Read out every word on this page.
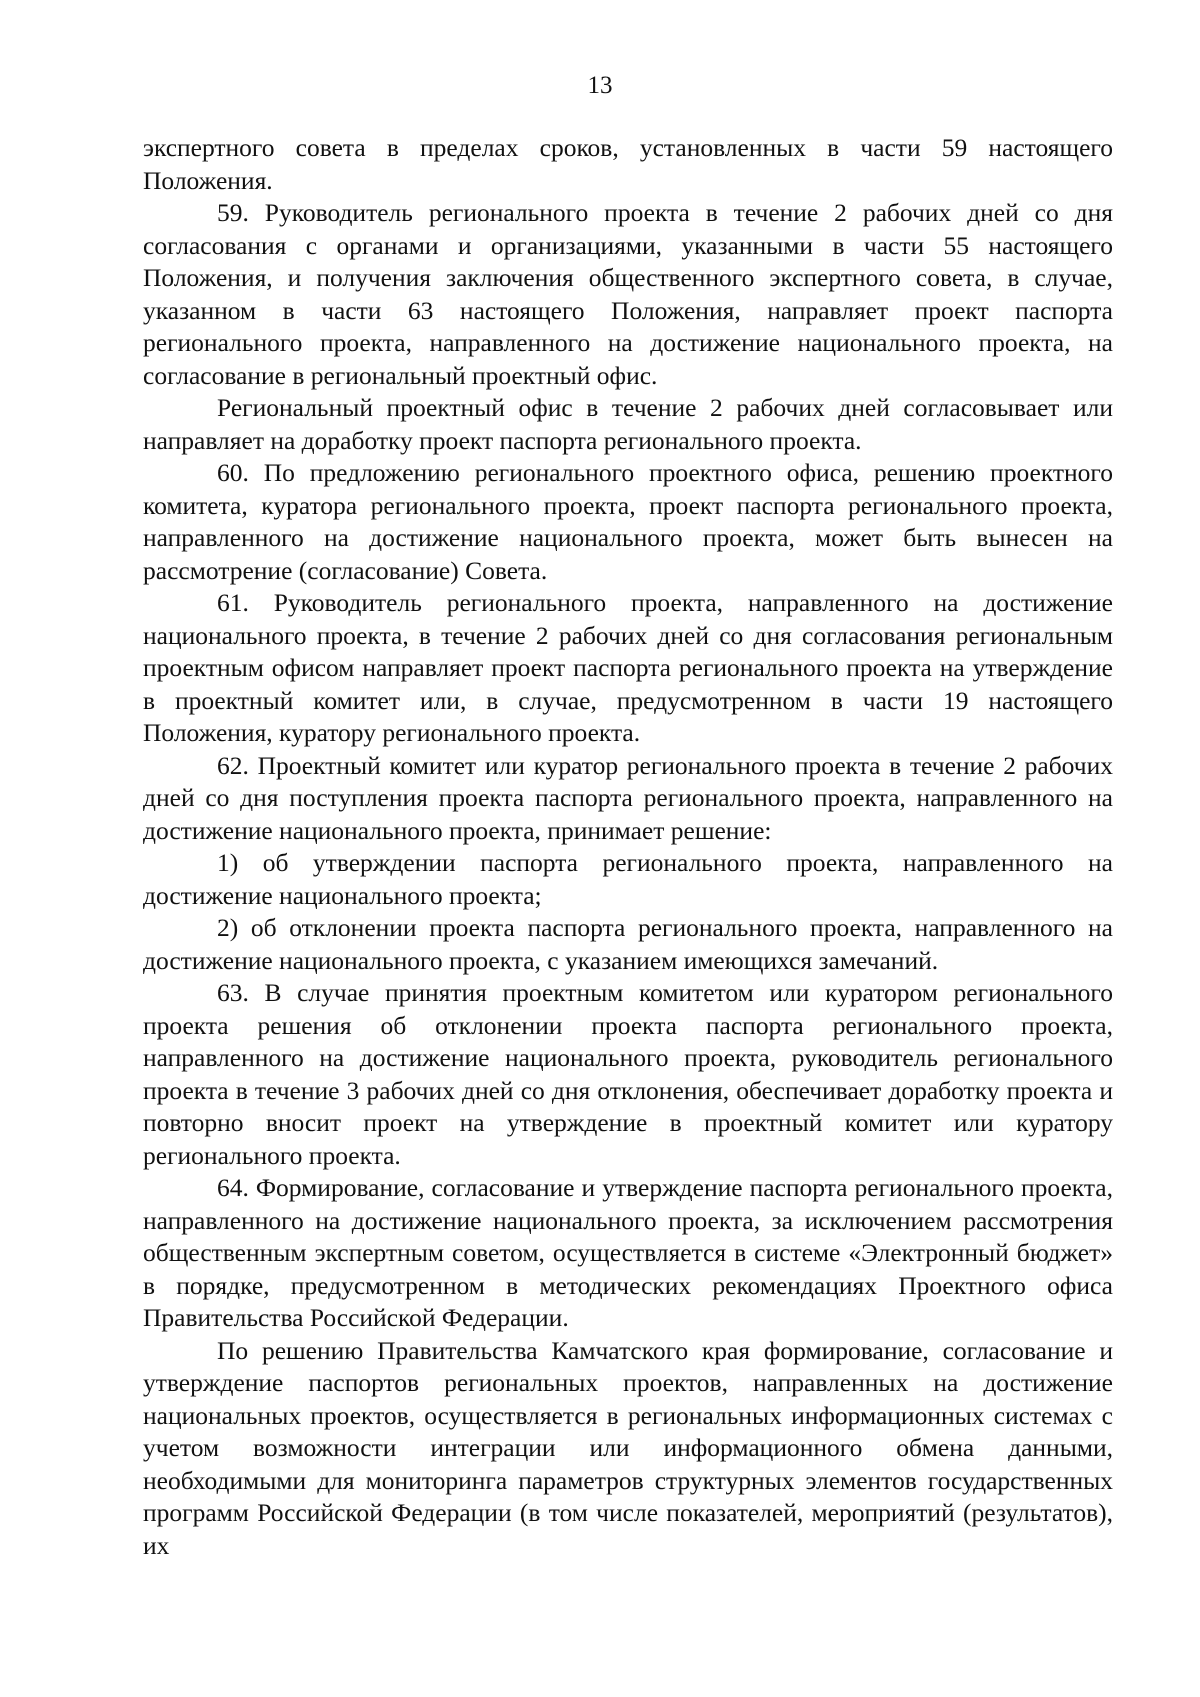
13

экспертного совета в пределах сроков, установленных в части 59 настоящего Положения.

59. Руководитель регионального проекта в течение 2 рабочих дней со дня согласования с органами и организациями, указанными в части 55 настоящего Положения, и получения заключения общественного экспертного совета, в случае, указанном в части 63 настоящего Положения, направляет проект паспорта регионального проекта, направленного на достижение национального проекта, на согласование в региональный проектный офис.

Региональный проектный офис в течение 2 рабочих дней согласовывает или направляет на доработку проект паспорта регионального проекта.

60. По предложению регионального проектного офиса, решению проектного комитета, куратора регионального проекта, проект паспорта регионального проекта, направленного на достижение национального проекта, может быть вынесен на рассмотрение (согласование) Совета.

61. Руководитель регионального проекта, направленного на достижение национального проекта, в течение 2 рабочих дней со дня согласования региональным проектным офисом направляет проект паспорта регионального проекта на утверждение в проектный комитет или, в случае, предусмотренном в части 19 настоящего Положения, куратору регионального проекта.

62. Проектный комитет или куратор регионального проекта в течение 2 рабочих дней со дня поступления проекта паспорта регионального проекта, направленного на достижение национального проекта, принимает решение:

1) об утверждении паспорта регионального проекта, направленного на достижение национального проекта;

2) об отклонении проекта паспорта регионального проекта, направленного на достижение национального проекта, с указанием имеющихся замечаний.

63. В случае принятия проектным комитетом или куратором регионального проекта решения об отклонении проекта паспорта регионального проекта, направленного на достижение национального проекта, руководитель регионального проекта в течение 3 рабочих дней со дня отклонения, обеспечивает доработку проекта и повторно вносит проект на утверждение в проектный комитет или куратору регионального проекта.

64. Формирование, согласование и утверждение паспорта регионального проекта, направленного на достижение национального проекта, за исключением рассмотрения общественным экспертным советом, осуществляется в системе «Электронный бюджет» в порядке, предусмотренном в методических рекомендациях Проектного офиса Правительства Российской Федерации.

По решению Правительства Камчатского края формирование, согласование и утверждение паспортов региональных проектов, направленных на достижение национальных проектов, осуществляется в региональных информационных системах с учетом возможности интеграции или информационного обмена данными, необходимыми для мониторинга параметров структурных элементов государственных программ Российской Федерации (в том числе показателей, мероприятий (результатов), их
